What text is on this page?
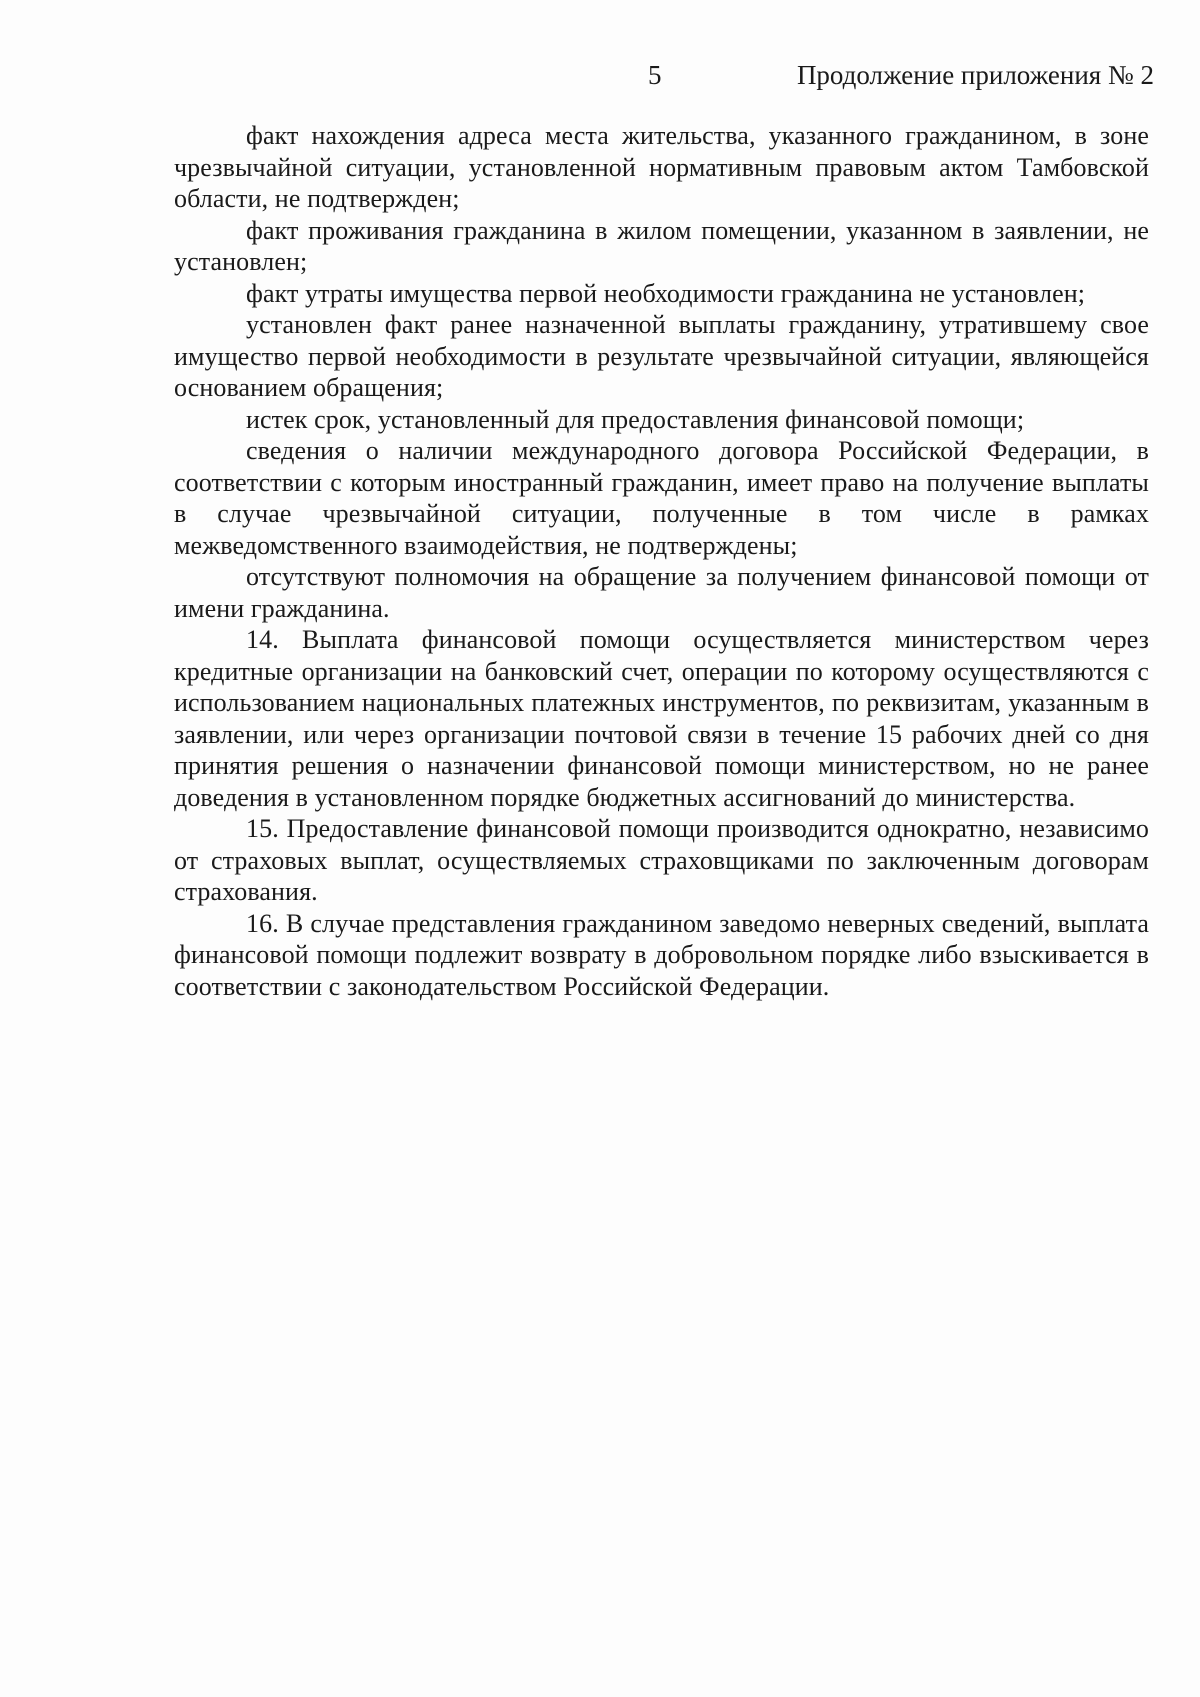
5	Продолжение приложения № 2

факт нахождения адреса места жительства, указанного гражданином, в зоне чрезвычайной ситуации, установленной нормативным правовым актом Тамбовской области, не подтвержден;

факт проживания гражданина в жилом помещении, указанном в заявлении, не установлен;

факт утраты имущества первой необходимости гражданина не установлен;

установлен факт ранее назначенной выплаты гражданину, утратившему свое имущество первой необходимости в результате чрезвычайной ситуации, являющейся основанием обращения;

истек срок, установленный для предоставления финансовой помощи;

сведения о наличии международного договора Российской Федерации, в соответствии с которым иностранный гражданин, имеет право на получение выплаты в случае чрезвычайной ситуации, полученные в том числе в рамках межведомственного взаимодействия, не подтверждены;

отсутствуют полномочия на обращение за получением финансовой помощи от имени гражданина.

14. Выплата финансовой помощи осуществляется министерством через кредитные организации на банковский счет, операции по которому осуществляются с использованием национальных платежных инструментов, по реквизитам, указанным в заявлении, или через организации почтовой связи в течение 15 рабочих дней со дня принятия решения о назначении финансовой помощи министерством, но не ранее доведения в установленном порядке бюджетных ассигнований до министерства.

15. Предоставление финансовой помощи производится однократно, независимо от страховых выплат, осуществляемых страховщиками по заключенным договорам страхования.

16. В случае представления гражданином заведомо неверных сведений, выплата финансовой помощи подлежит возврату в добровольном порядке либо взыскивается в соответствии с законодательством Российской Федерации.
